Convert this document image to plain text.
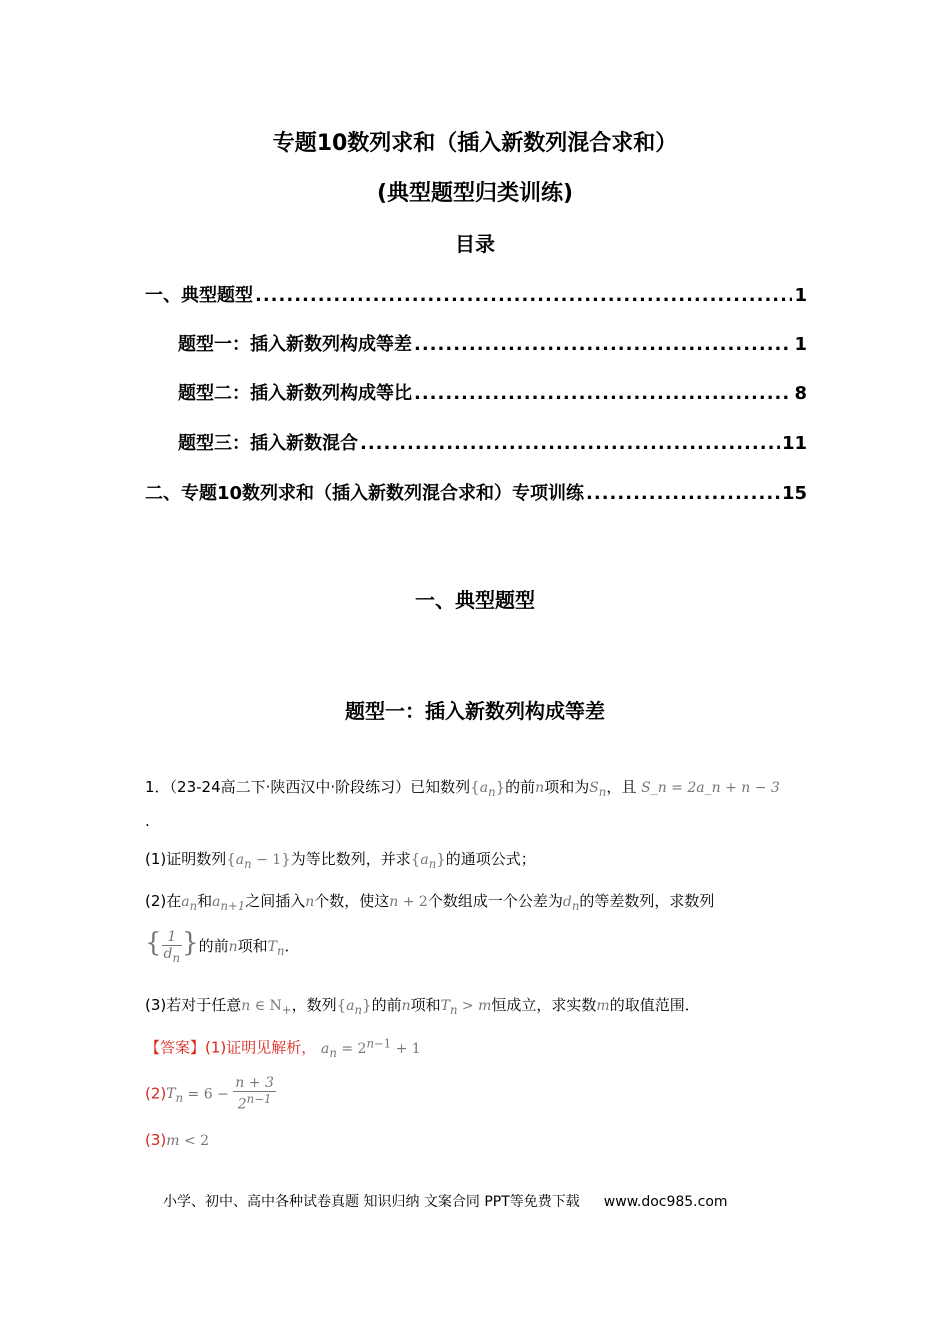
专题10数列求和（插入新数列混合求和）
(典型题型归类训练)
目录
一、典型题型 .....	1
题型一：插入新数列构成等差 .....	1
题型二：插入新数列构成等比 .....	8
题型三：插入新数混合 .....	11
二、专题10数列求和（插入新数列混合求和）专项训练 .....	15
一、典型题型
题型一：插入新数列构成等差
1．（23-24高二下·陕西汉中·阶段练习）已知数列$\{a_n\}$的前n项和为$S_n$，且 S_n = 2a_n + n − 3
.
(1)证明数列$\{a_n - 1\}$为等比数列，并求$\{a_n\}$的通项公式；
(2)在$a_n$和$a_{n+1}$之间插入n个数，使这n + 2个数组成一个公差为$d_n$的等差数列，求数列
{ $\frac{1}{d_n}$ }的前n项和$T_n$．
(3)若对于任意n ∈ $N_+$，数列$\{a_n\}$的前n项和$T_n > m$恒成立，求实数m的取值范围．
【答案】(1)证明见解析， $a_n = 2^{n-1} + 1$
$(2)T_n = 6 - \frac{n + 3}{2^{n-1}}$
(3)m < 2
小学、初中、高中各种试卷真题 知识归纳 文案合同 PPT等免费下载 www.doc985.com
